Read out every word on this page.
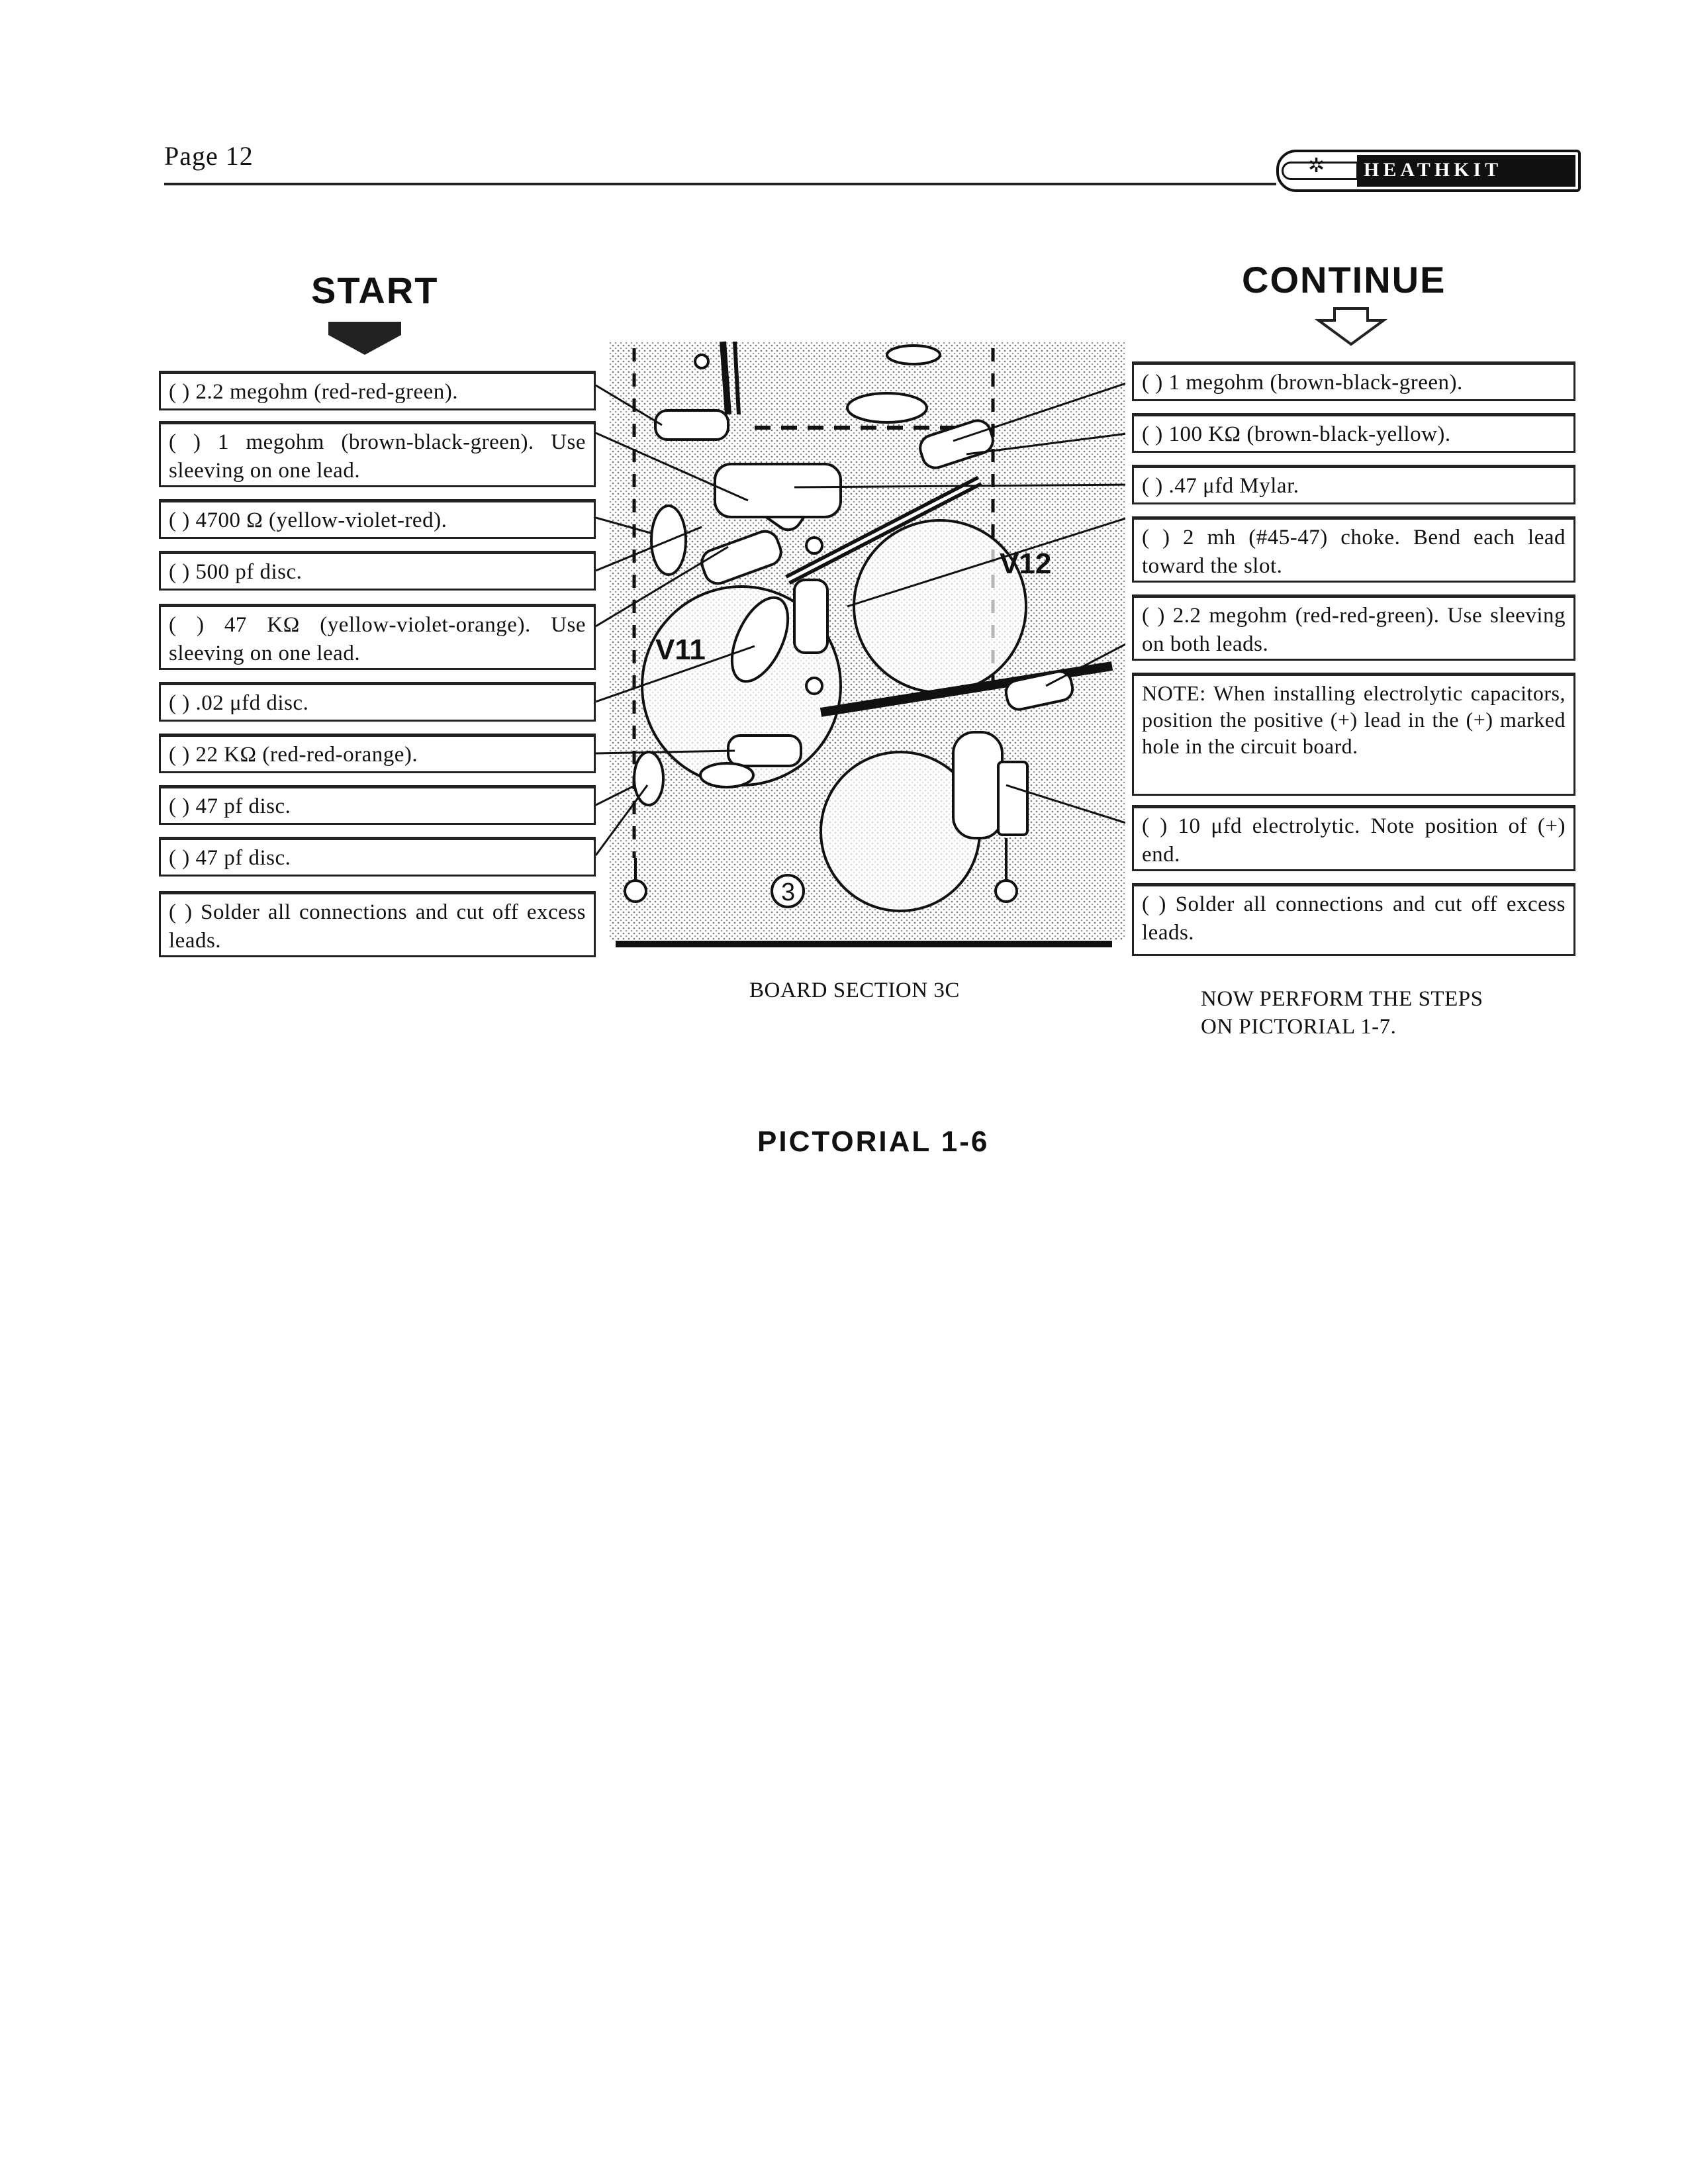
Page 12	✲ HEATHKIT
START	CONTINUE
( ) 2.2 megohm (red-red-green).
( ) 1 megohm (brown-black-green). Use sleeving on one lead.
( ) 4700 Ω (yellow-violet-red).
( ) 500 pf disc.
( ) 47 KΩ (yellow-violet-orange). Use sleeving on one lead.
( ) .02 μfd disc.
( ) 22 KΩ (red-red-orange).
( ) 47 pf disc.
( ) 47 pf disc.
( ) Solder all connections and cut off excess leads.
( ) 1 megohm (brown-black-green).
( ) 100 KΩ (brown-black-yellow).
( ) .47 μfd Mylar.
( ) 2 mh (#45-47) choke. Bend each lead toward the slot.
( ) 2.2 megohm (red-red-green). Use sleeving on both leads.
NOTE: When installing electrolytic capacitors, position the positive (+) lead in the (+) marked hole in the circuit board.
( ) 10 μfd electrolytic. Note position of (+) end.
( ) Solder all connections and cut off excess leads.
V11
V12
3
BOARD SECTION 3C	NOW PERFORM THE STEPS
ON PICTORIAL 1-7.
PICTORIAL 1-6
